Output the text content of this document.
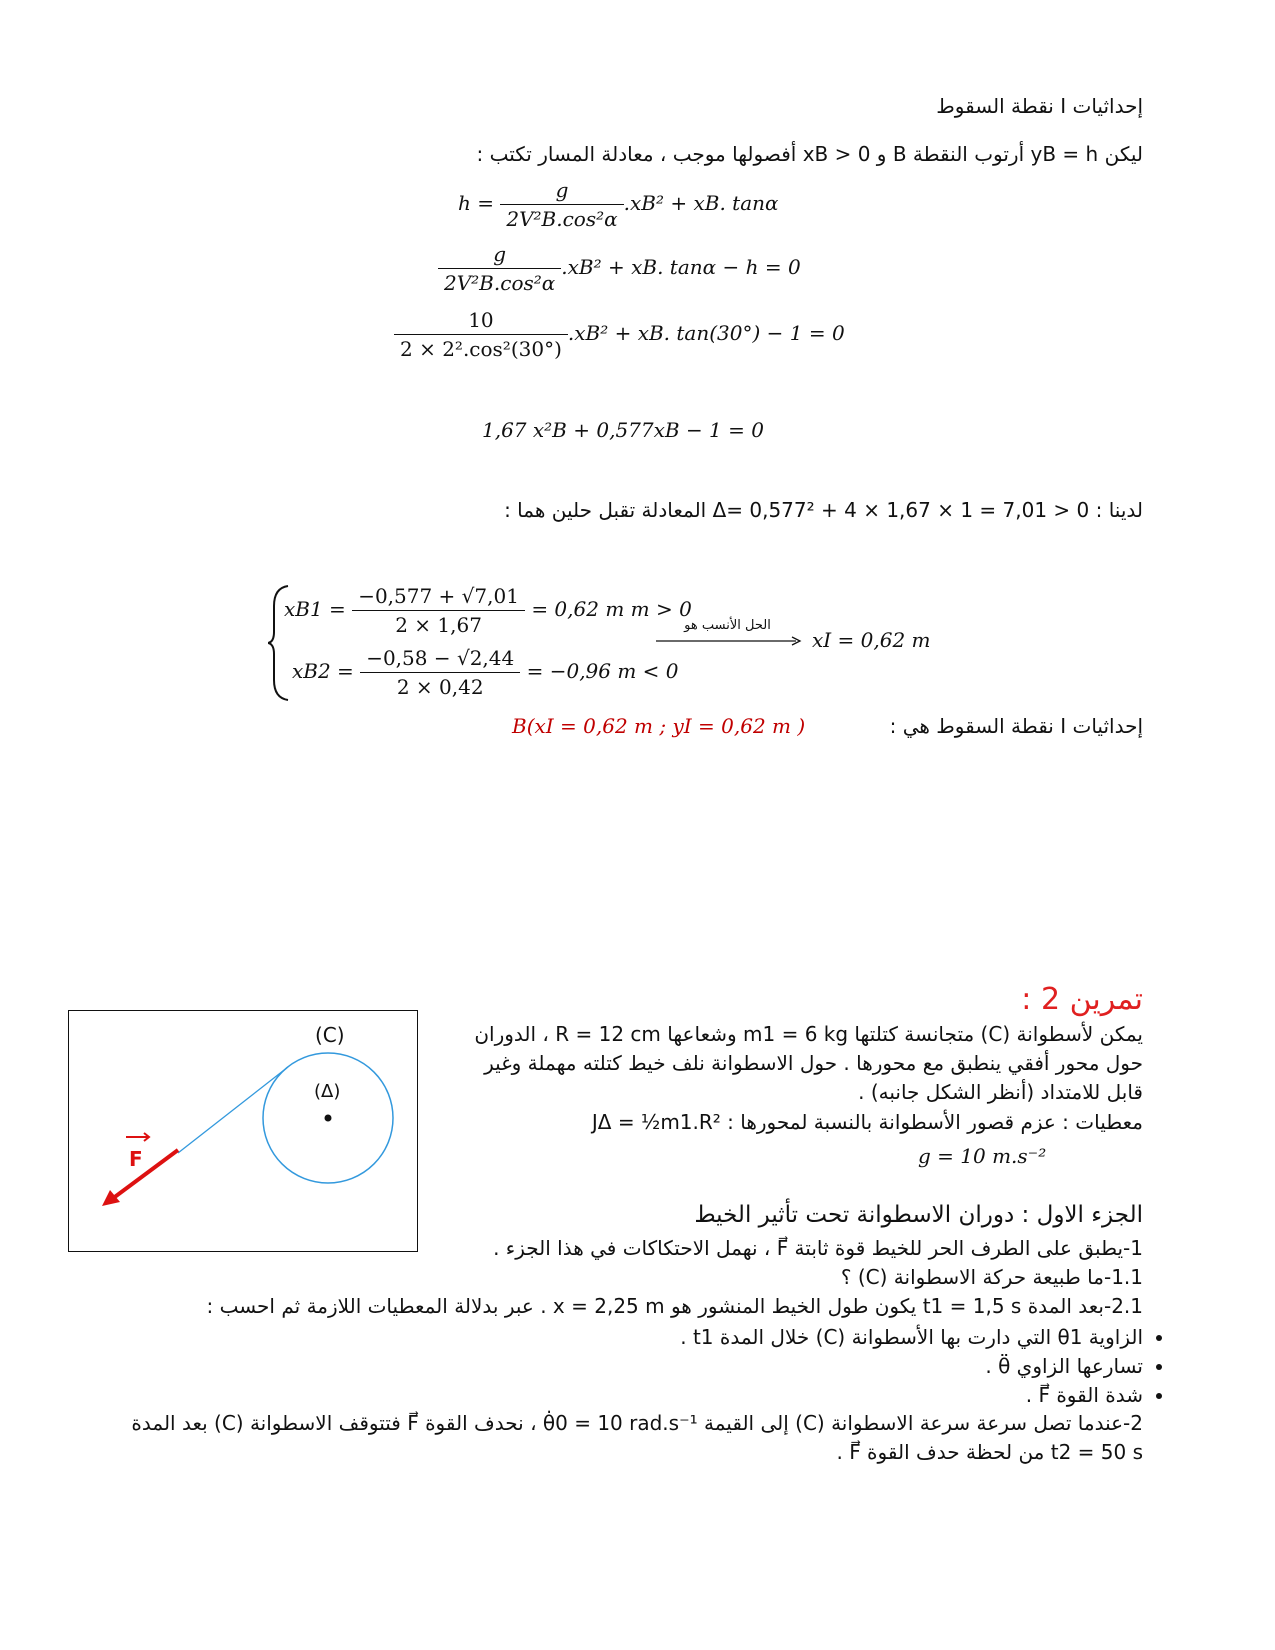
إحداثيات I نقطة السقوط
ليكن yB = h أرتوب النقطة B و xB > 0 أفصولها موجب ، معادلة المسار تكتب :
$h = \frac{g}{\text{2V²B.cos²α}} .xB^2$ + xB. tanα
$\frac{g}{\text{2V²B.cos²α}} .xB^2$ + xB. tanα − h = 0
$\frac{10}{\text{2 × 2².cos²(30°)}} .xB^2$ + xB. tan(30°) − 1 = 0
1,67 x²B + 0,577xB − 1 = 0
لدينا : Δ= 0,577² + 4 × 1,67 × 1 = 7,01 > 0 المعادلة تقبل حلين هما :
$xB1 = \frac{-0,577 + √7,01}{2 \times 1,67} = 0,62$ m m > 0
$xB2 = \frac{-0,58 - √2,44}{2 \times 0,42} = -0,96$ m < 0
الحل الأنسب هو
xI = 0,62 m
إحداثيات I نقطة السقوط هي :
B(xI = 0,62 m ; yI = 0,62 m )
تمرين 2 :
يمكن لأسطوانة (C) متجانسة كتلتها m1 = 6 kg وشعاعها R = 12 cm ، الدوران حول محور أفقي ينطبق مع محورها . حول الاسطوانة نلف خيط كتلته مهملة وغير قابل للامتداد (أنظر الشكل جانبه) .
معطيات : عزم قصور الأسطوانة بالنسبة لمحورها : JΔ = ½m1.R²
g = 10 m.s⁻²
الجزء الاول : دوران الاسطوانة تحت تأثير الخيط
1-يطبق على الطرف الحر للخيط قوة ثابتة F⃗ ، نهمل الاحتكاكات في هذا الجزء .
1.1-ما طبيعة حركة الاسطوانة (C) ؟
2.1-بعد المدة t1 = 1,5 s يكون طول الخيط المنشور هو x = 2,25 m . عبر بدلالة المعطيات اللازمة ثم احسب :
• الزاوية θ1 التي دارت بها الأسطوانة (C) خلال المدة t1 .
• تسارعها الزاوي θ̈ .
• شدة القوة F⃗ .
2-عندما تصل سرعة سرعة الاسطوانة (C) إلى القيمة θ̇0 = 10 rad.s⁻¹ ، نحدف القوة F⃗ فتتوقف الاسطوانة (C) بعد المدة
t2 = 50 s من لحظة حدف القوة F⃗ .
(C)
(Δ)
F
